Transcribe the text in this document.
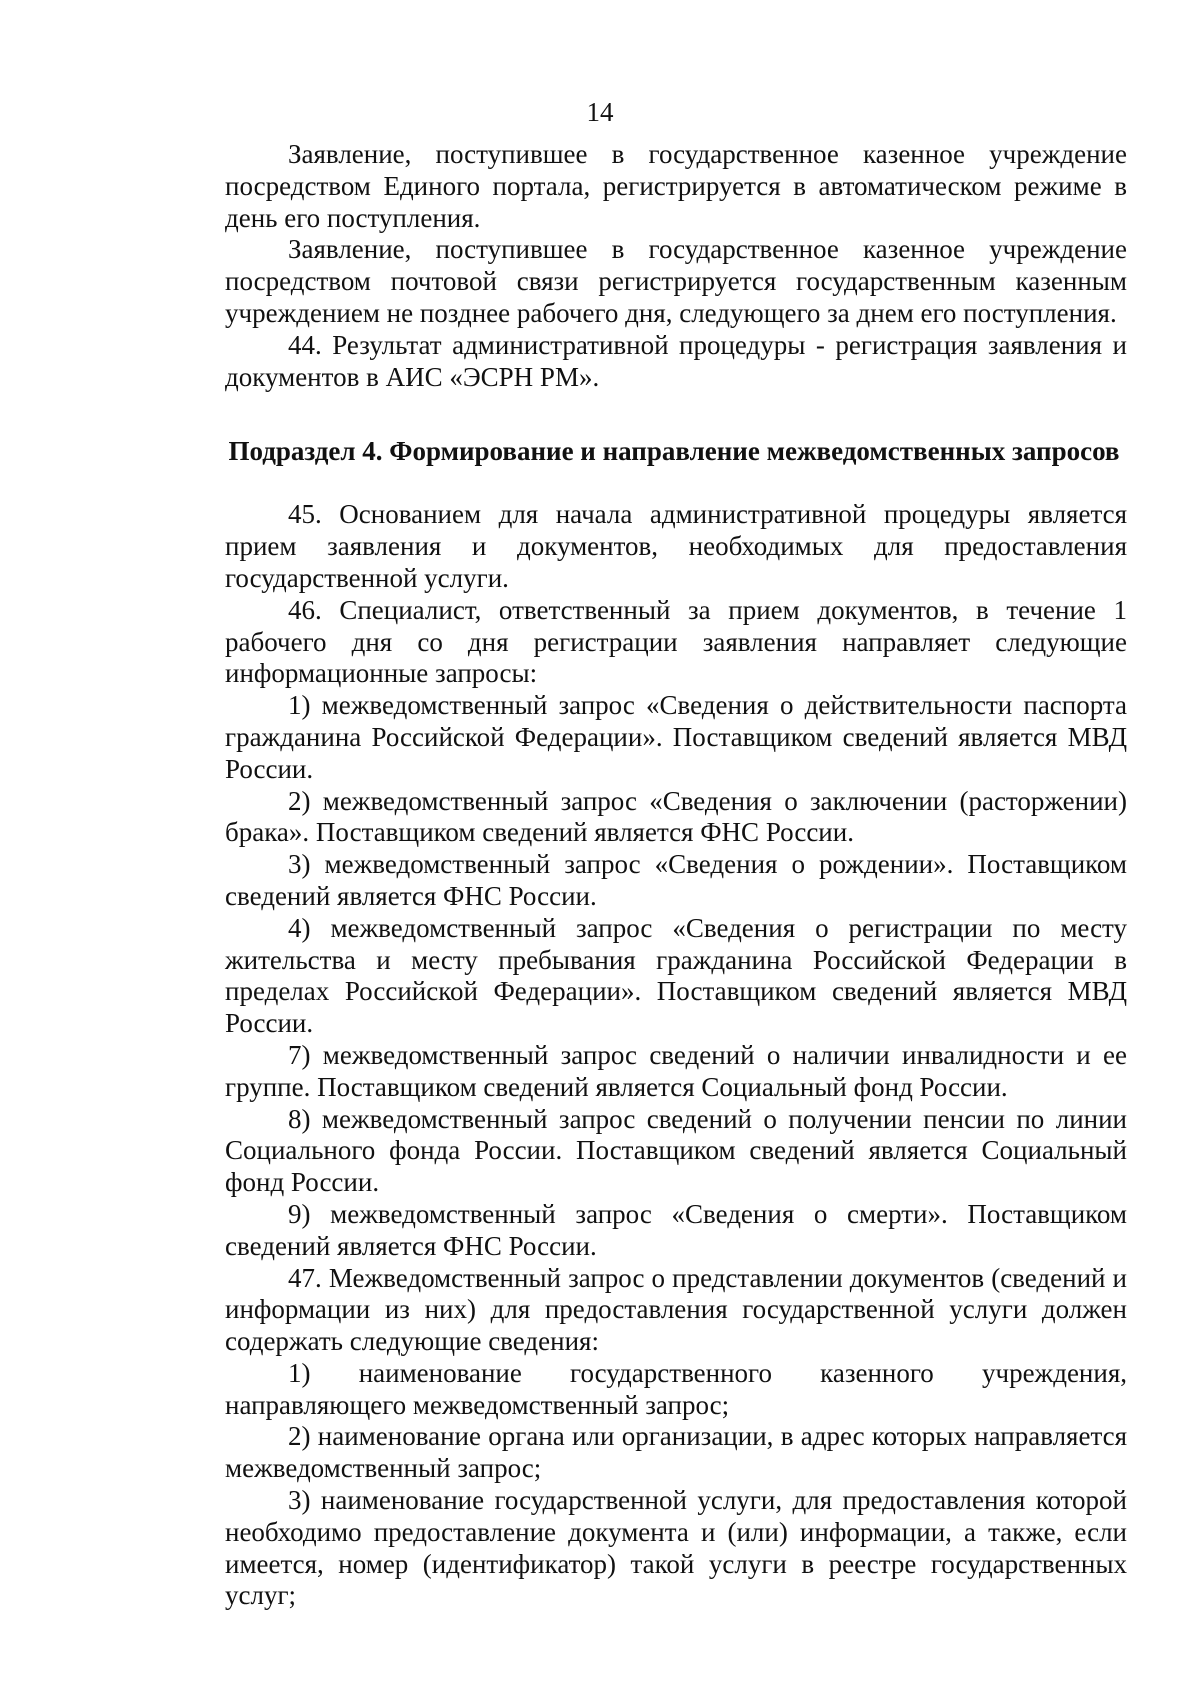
14

Заявление, поступившее в государственное казенное учреждение посредством Единого портала, регистрируется в автоматическом режиме в день его поступления.

Заявление, поступившее в государственное казенное учреждение посредством почтовой связи регистрируется государственным казенным учреждением не позднее рабочего дня, следующего за днем его поступления.

44. Результат административной процедуры - регистрация заявления и документов в АИС «ЭСРН РМ».

Подраздел 4. Формирование и направление межведомственных запросов

45. Основанием для начала административной процедуры является прием заявления и документов, необходимых для предоставления государственной услуги.

46. Специалист, ответственный за прием документов, в течение 1 рабочего дня со дня регистрации заявления направляет следующие информационные запросы:

1) межведомственный запрос «Сведения о действительности паспорта гражданина Российской Федерации». Поставщиком сведений является МВД России.

2) межведомственный запрос «Сведения о заключении (расторжении) брака». Поставщиком сведений является ФНС России.

3) межведомственный запрос «Сведения о рождении». Поставщиком сведений является ФНС России.

4) межведомственный запрос «Сведения о регистрации по месту жительства и месту пребывания гражданина Российской Федерации в пределах Российской Федерации». Поставщиком сведений является МВД России.

7) межведомственный запрос сведений о наличии инвалидности и ее группе. Поставщиком сведений является Социальный фонд России.

8) межведомственный запрос сведений о получении пенсии по линии Социального фонда России. Поставщиком сведений является Социальный фонд России.

9) межведомственный запрос «Сведения о смерти». Поставщиком сведений является ФНС России.

47. Межведомственный запрос о представлении документов (сведений и информации из них) для предоставления государственной услуги должен содержать следующие сведения:

1) наименование государственного казенного учреждения, направляющего межведомственный запрос;

2) наименование органа или организации, в адрес которых направляется межведомственный запрос;

3) наименование государственной услуги, для предоставления которой необходимо предоставление документа и (или) информации, а также, если имеется, номер (идентификатор) такой услуги в реестре государственных услуг;
